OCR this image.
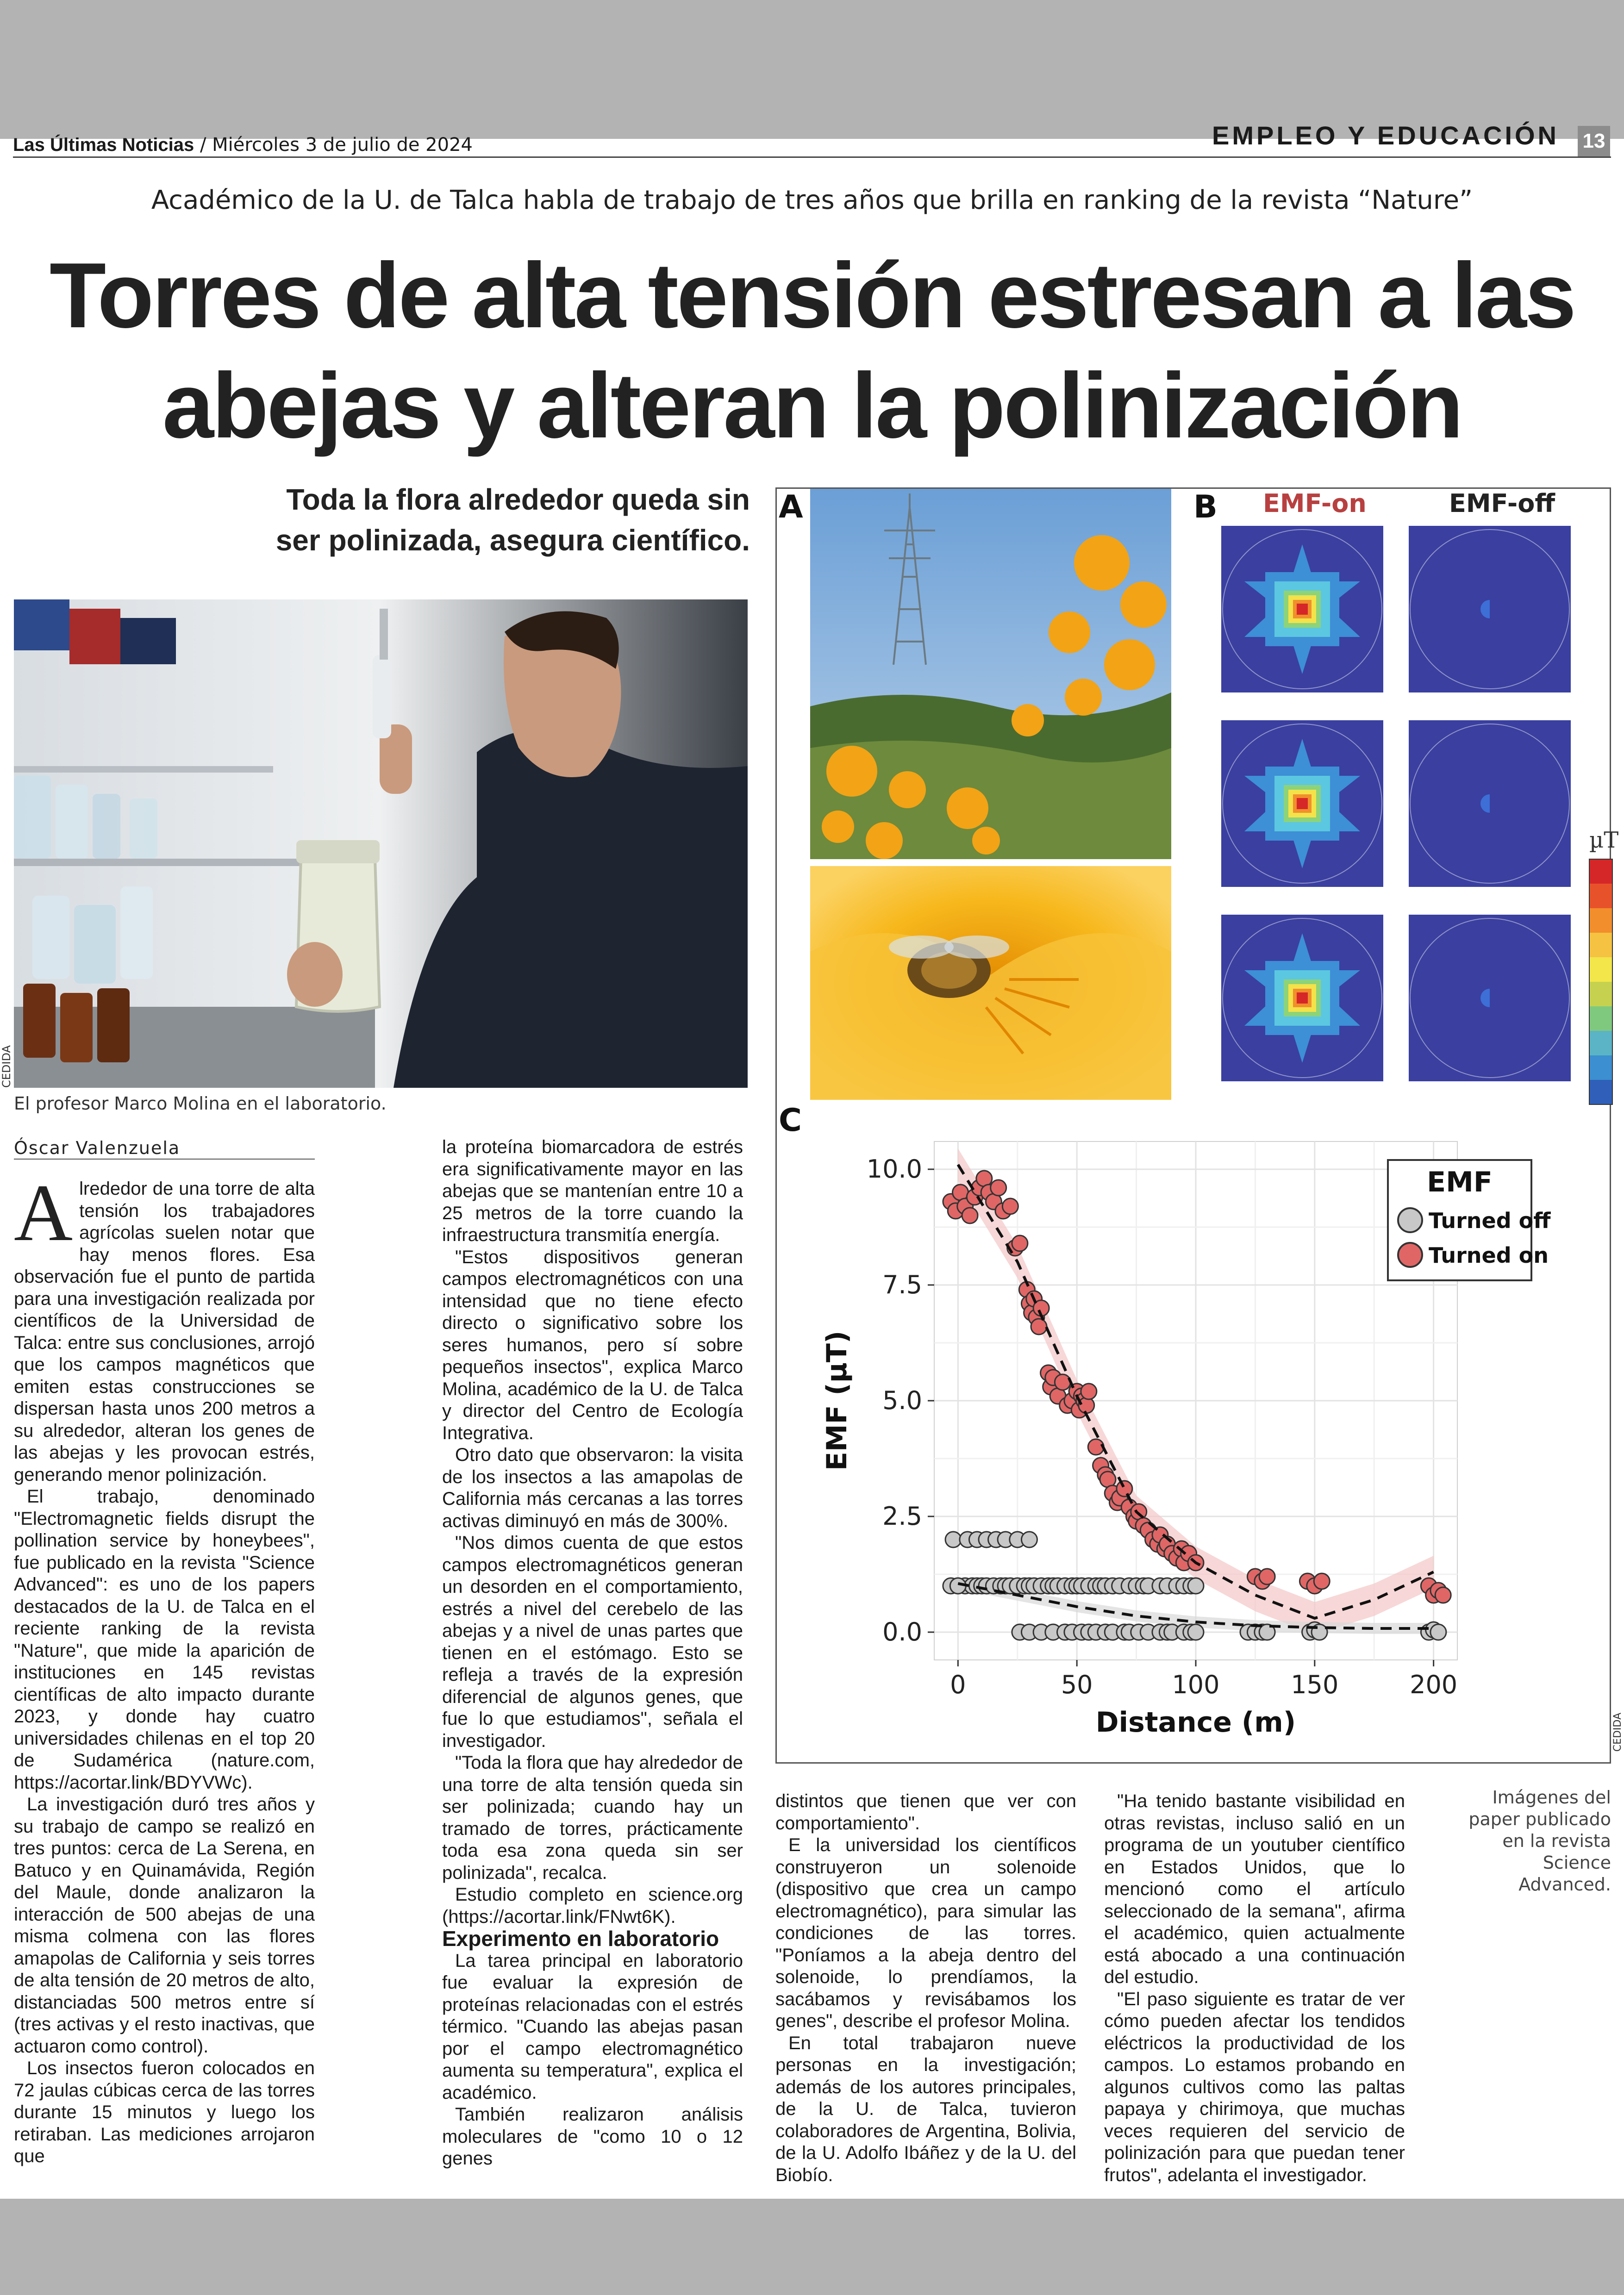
Las Últimas Noticias / Miércoles 3 de julio de 2024	EMPLEO Y EDUCACIÓN 13
Académico de la U. de Talca habla de trabajo de tres años que brilla en ranking de la revista “Nature”
Torres de alta tensión estresan a las
abejas y alteran la polinización
Toda la flora alrededor queda sin
ser polinizada, asegura científico.
CEDIDA
El profesor Marco Molina en el laboratorio.
Óscar Valenzuela

Alrededor de una torre de alta tensión los trabajadores agrícolas suelen notar que hay menos flores. Esa observación fue el punto de partida para una investigación realizada por científicos de la Universidad de Talca: entre sus conclusiones, arrojó que los campos magnéticos que emiten estas construcciones se dispersan hasta unos 200 metros a su alrededor, alteran los genes de las abejas y les provocan estrés, generando menor polinización.

El trabajo, denominado "Electromagnetic fields disrupt the pollination service by honeybees", fue publicado en la revista "Science Advanced": es uno de los papers destacados de la U. de Talca en el reciente ranking de la revista "Nature", que mide la aparición de instituciones en 145 revistas científicas de alto impacto durante 2023, y donde hay cuatro universidades chilenas en el top 20 de Sudamérica (nature.com, https://acortar.link/BDYVWc).

La investigación duró tres años y su trabajo de campo se realizó en tres puntos: cerca de La Serena, en Batuco y en Quinamávida, Región del Maule, donde analizaron la interacción de 500 abejas de una misma colmena con las flores amapolas de California y seis torres de alta tensión de 20 metros de alto, distanciadas 500 metros entre sí (tres activas y el resto inactivas, que actuaron como control).

Los insectos fueron colocados en 72 jaulas cúbicas cerca de las torres durante 15 minutos y luego los retiraban. Las mediciones arrojaron que

la proteína biomarcadora de estrés era significativamente mayor en las abejas que se mantenían entre 10 a 25 metros de la torre cuando la infraestructura transmitía energía.

"Estos dispositivos generan campos electromagnéticos con una intensidad que no tiene efecto directo o significativo sobre los seres humanos, pero sí sobre pequeños insectos", explica Marco Molina, académico de la U. de Talca y director del Centro de Ecología Integrativa.

Otro dato que observaron: la visita de los insectos a las amapolas de California más cercanas a las torres activas diminuyó en más de 300%.

"Nos dimos cuenta de que estos campos electromagnéticos generan un desorden en el comportamiento, estrés a nivel del cerebelo de las abejas y a nivel de unas partes que tienen en el estómago. Esto se refleja a través de la expresión diferencial de algunos genes, que fue lo que estudiamos", señala el investigador.

"Toda la flora que hay alrededor de una torre de alta tensión queda sin ser polinizada; cuando hay un tramado de torres, prácticamente toda esa zona queda sin ser polinizada", recalca.

Estudio completo en science.org (https://acortar.link/FNwt6K).

Experimento en laboratorio

La tarea principal en laboratorio fue evaluar la expresión de proteínas relacionadas con el estrés térmico. "Cuando las abejas pasan por el campo electromagnético aumenta su temperatura", explica el académico.

También realizaron análisis moleculares de "como 10 o 12 genes

distintos que tienen que ver con comportamiento".

E la universidad los científicos construyeron un solenoide (dispositivo que crea un campo electromagnético), para simular las condiciones de las torres. "Poníamos a la abeja dentro del solenoide, lo prendíamos, la sacábamos y revisábamos los genes", describe el profesor Molina.

En total trabajaron nueve personas en la investigación; además de los autores principales, de la U. de Talca, tuvieron colaboradores de Argentina, Bolivia, de la U. Adolfo Ibáñez y de la U. del Biobío.

"Ha tenido bastante visibilidad en otras revistas, incluso salió en un programa de un youtuber científico en Estados Unidos, que lo mencionó como el artículo seleccionado de la semana", afirma el académico, quien actualmente está abocado a una continuación del estudio.

"El paso siguiente es tratar de ver cómo pueden afectar los tendidos eléctricos la productividad de los campos. Lo estamos probando en algunos cultivos como las paltas papaya y chirimoya, que muchas veces requieren del servicio de polinización para que puedan tener frutos", adelanta el investigador.

A	B
C
EMF-on	EMF-off
µT
0	50	100	150	200
0.0
2.5
5.0
7.5
10.0
Distance (m)
EMF (µT)
EMF
Turned off
Turned on
CEDIDA
Imágenes del paper publicado en la revista Science Advanced.
